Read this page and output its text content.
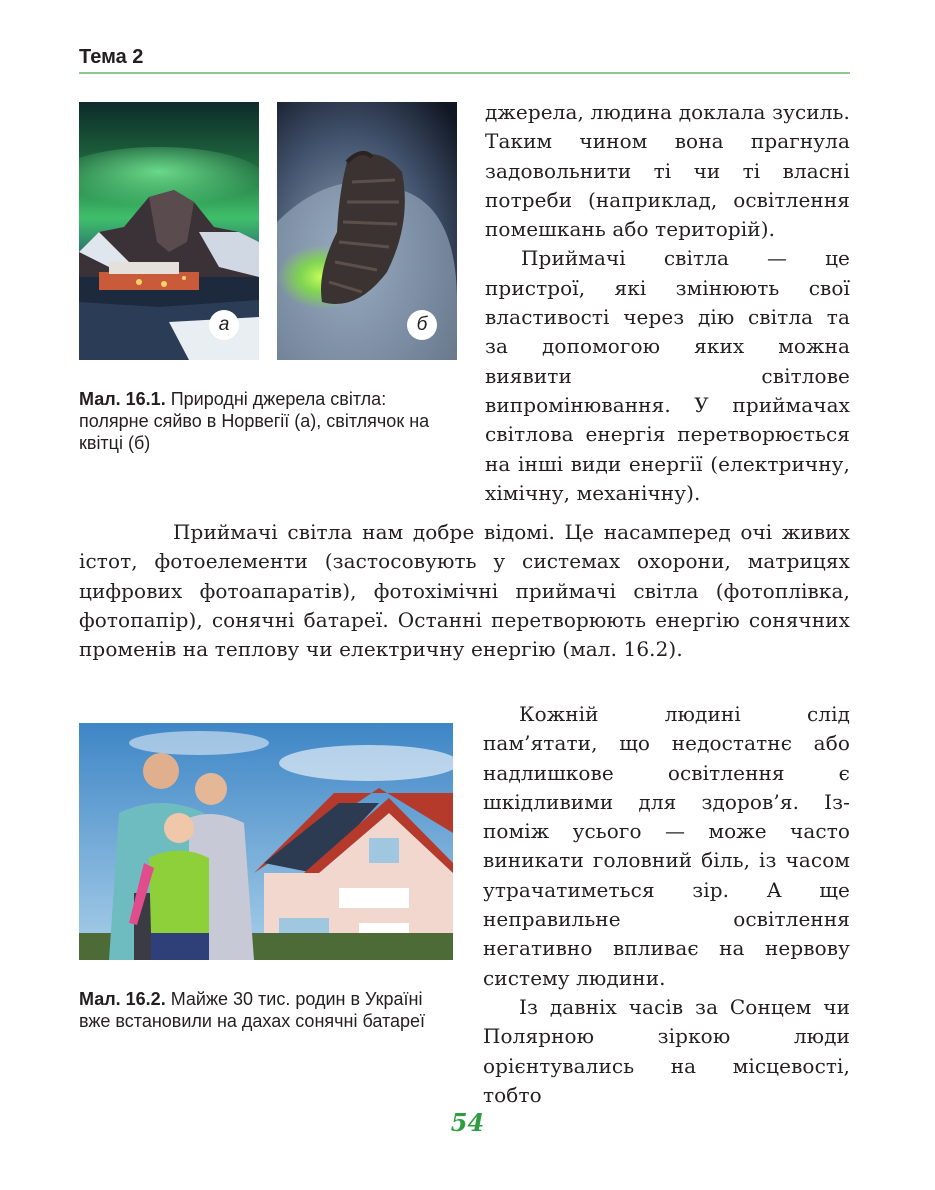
Тема 2
а	б
Мал. 16.1. Природні джерела світла: полярне сяйво в Норвегії (а), світлячок на квітці (б)

джерела, людина доклала зусиль. Таким чином вона прагнула задовольнити ті чи ті власні потреби (наприклад, освітлення помешкань або територій).

Приймачі світла — це пристрої, які змінюють свої властивості через дію світла та за допомогою яких можна виявити світлове випромінювання. У приймачах світлова енергія перетворюється на інші види енергії (електричну, хімічну, механічну).

Приймачі світла нам добре відомі. Це насамперед очі живих істот, фотоелементи (застосовують у системах охорони, матрицях цифрових фотоапаратів), фотохімічні приймачі світла (фотоплівка, фотопапір), сонячні батареї. Останні перетворюють енергію сонячних променів на теплову чи електричну енергію (мал. 16.2).

Мал. 16.2. Майже 30 тис. родин в Україні вже встановили на дахах сонячні батареї

Кожній людині слід пам’ятати, що недостатнє або надлишкове освітлення є шкідливими для здоров’я. Із-поміж усього — може часто виникати головний біль, із часом утрачатиметься зір. А ще неправильне освітлення негативно впливає на нервову систему людини.

Із давніх часів за Сонцем чи Полярною зіркою люди орієнтувались на місцевості, тобто

54
